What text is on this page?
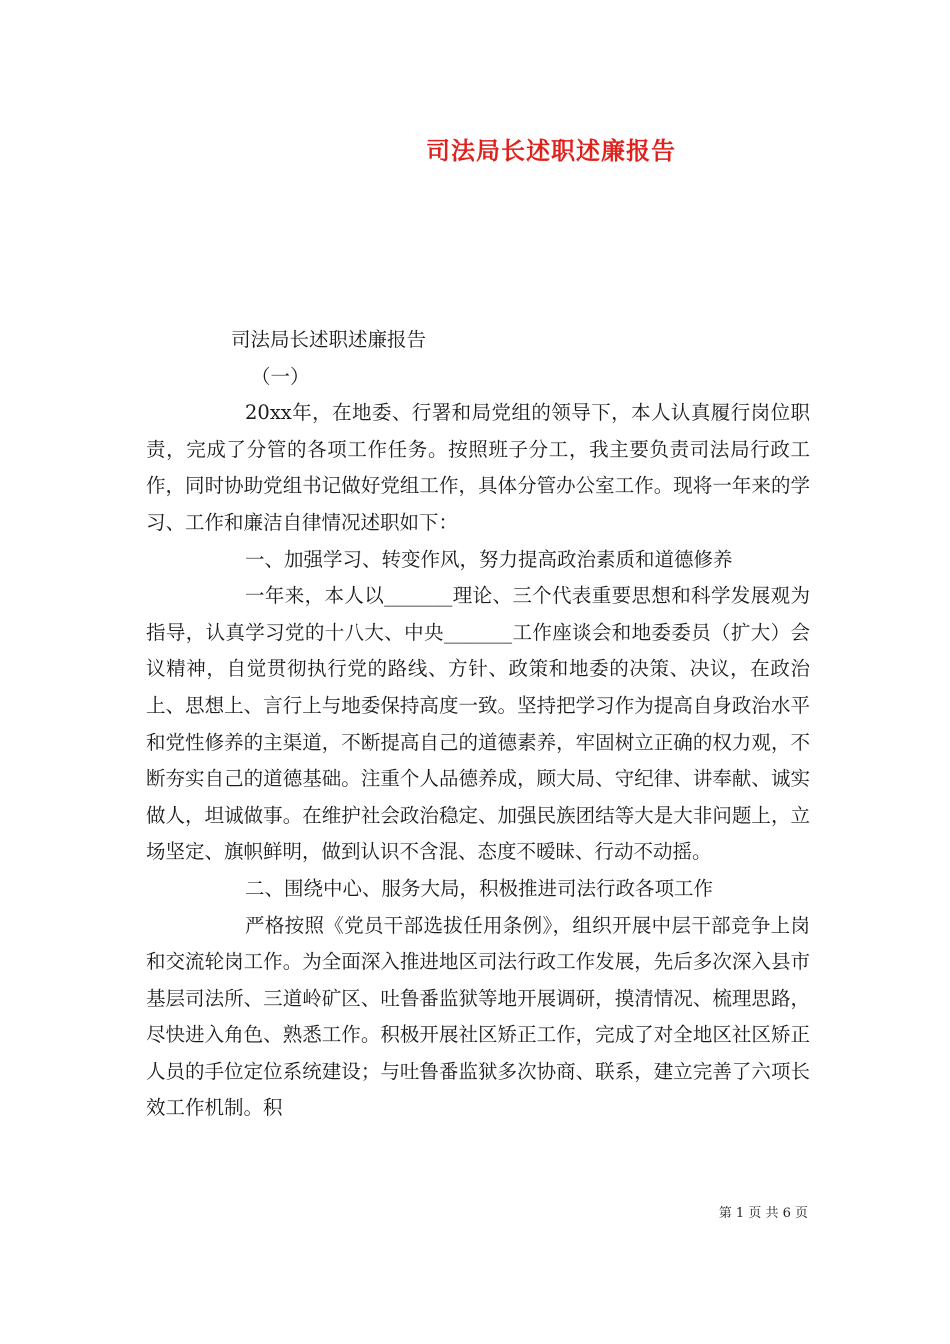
司法局长述职述廉报告

司法局长述职述廉报告

（一）

20xx年，在地委、行署和局党组的领导下，本人认真履行岗位职责，完成了分管的各项工作任务。按照班子分工，我主要负责司法局行政工作，同时协助党组书记做好党组工作，具体分管办公室工作。现将一年来的学习、工作和廉洁自律情况述职如下：

一、加强学习、转变作风，努力提高政治素质和道德修养

一年来，本人以_______理论、三个代表重要思想和科学发展观为指导，认真学习党的十八大、中央_______工作座谈会和地委委员（扩大）会议精神，自觉贯彻执行党的路线、方针、政策和地委的决策、决议，在政治上、思想上、言行上与地委保持高度一致。坚持把学习作为提高自身政治水平和党性修养的主渠道，不断提高自己的道德素养，牢固树立正确的权力观，不断夯实自己的道德基础。注重个人品德养成，顾大局、守纪律、讲奉献、诚实做人，坦诚做事。在维护社会政治稳定、加强民族团结等大是大非问题上，立场坚定、旗帜鲜明，做到认识不含混、态度不暧昧、行动不动摇。

二、围绕中心、服务大局，积极推进司法行政各项工作

严格按照《党员干部选拔任用条例》，组织开展中层干部竞争上岗和交流轮岗工作。为全面深入推进地区司法行政工作发展，先后多次深入县市基层司法所、三道岭矿区、吐鲁番监狱等地开展调研，摸清情况、梳理思路，尽快进入角色、熟悉工作。积极开展社区矫正工作，完成了对全地区社区矫正人员的手位定位系统建设；与吐鲁番监狱多次协商、联系，建立完善了六项长效工作机制。积

第 1 页 共 6 页
